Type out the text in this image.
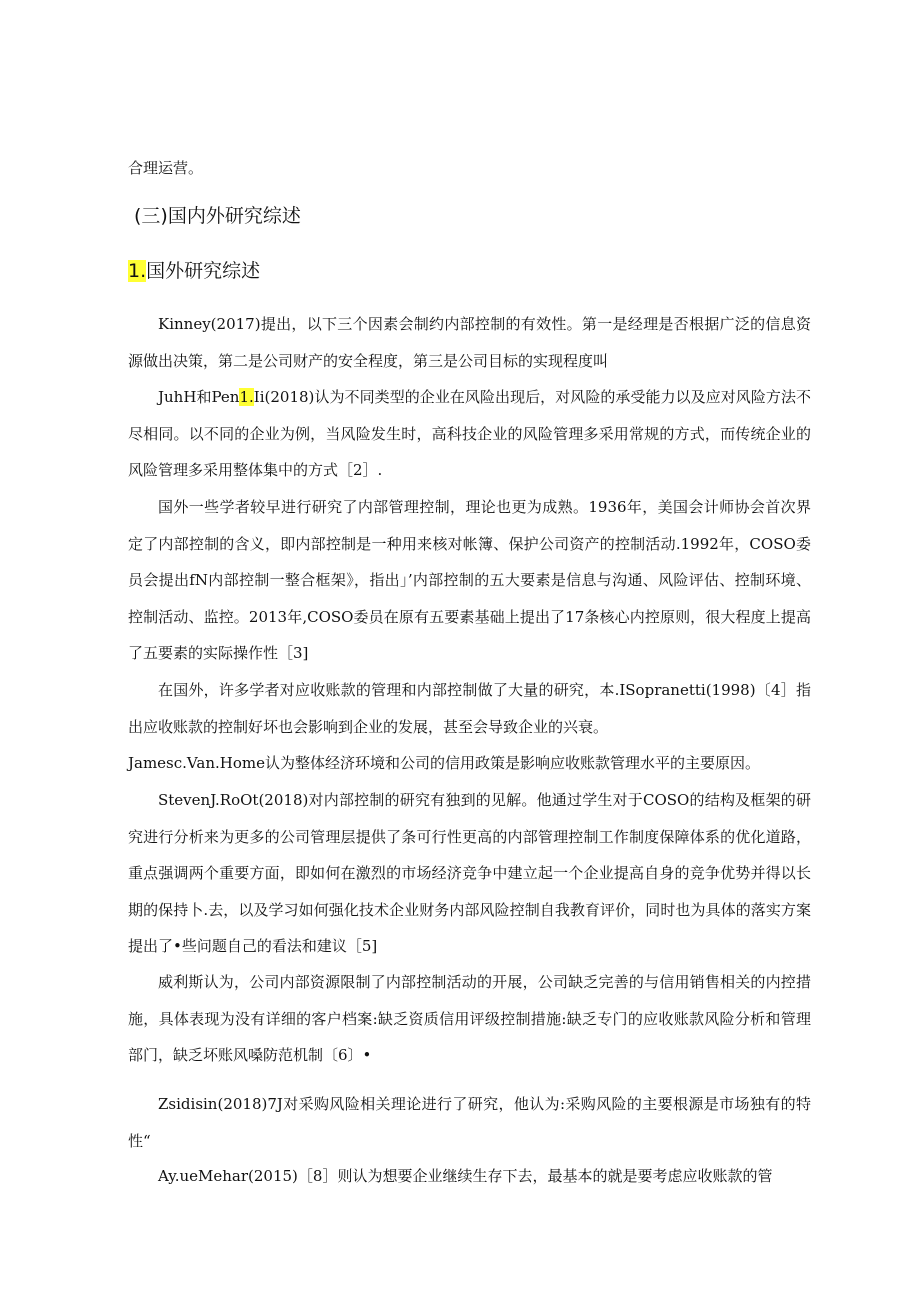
合理运营。
(三)国内外研究综述
1.国外研究综述

Kinney(2017)提出，以下三个因素会制约内部控制的有效性。第一是经理是否根据广泛的信息资源做出决策，第二是公司财产的安全程度，第三是公司目标的实现程度叫

JuhH和Pen1.Ii(2018)认为不同类型的企业在风险出现后，对风险的承受能力以及应对风险方法不尽相同。以不同的企业为例，当风险发生时，高科技企业的风险管理多采用常规的方式，而传统企业的风险管理多采用整体集中的方式［2］.

国外一些学者较早进行研究了内部管理控制，理论也更为成熟。1936年，美国会计师协会首次界定了内部控制的含义，即内部控制是一种用来核对帐簿、保护公司资产的控制活动.1992年，COSO委员会提出fN内部控制一整合框架》，指出」’内部控制的五大要素是信息与沟通、风险评估、控制环境、控制活动、监控。2013年,COSO委员在原有五要素基础上提出了17条核心内控原则，很大程度上提高了五要素的实际操作性［3]

在国外，许多学者对应收账款的管理和内部控制做了大量的研究，本.ISopranetti(1998)〔4］指出应收账款的控制好坏也会影响到企业的发展，甚至会导致企业的兴衰。

Jamesc.Van.Home认为整体经济环境和公司的信用政策是影响应收账款管理水平的主要原因。

StevenJ.RoOt(2018)对内部控制的研究有独到的见解。他通过学生对于COSO的结构及框架的研究进行分析来为更多的公司管理层提供了条可行性更高的内部管理控制工作制度保障体系的优化道路，重点强调两个重要方面，即如何在激烈的市场经济竞争中建立起一个企业提高自身的竞争优势并得以长期的保持卜.去，以及学习如何强化技术企业财务内部风险控制自我教育评价，同时也为具体的落实方案提出了•些问题自己的看法和建议［5]

威利斯认为，公司内部资源限制了内部控制活动的开展，公司缺乏完善的与信用销售相关的内控措施，具体表现为没有详细的客户档案:缺乏资质信用评级控制措施:缺乏专门的应收账款风险分析和管理部门，缺乏坏账风嗓防范机制〔6〕•

Zsidisin(2018)7J对采购风险相关理论进行了研究，他认为:采购风险的主要根源是市场独有的特性“

Ay.ueMehar(2015)［8］则认为想要企业继续生存下去，最基本的就是要考虑应收账款的管
